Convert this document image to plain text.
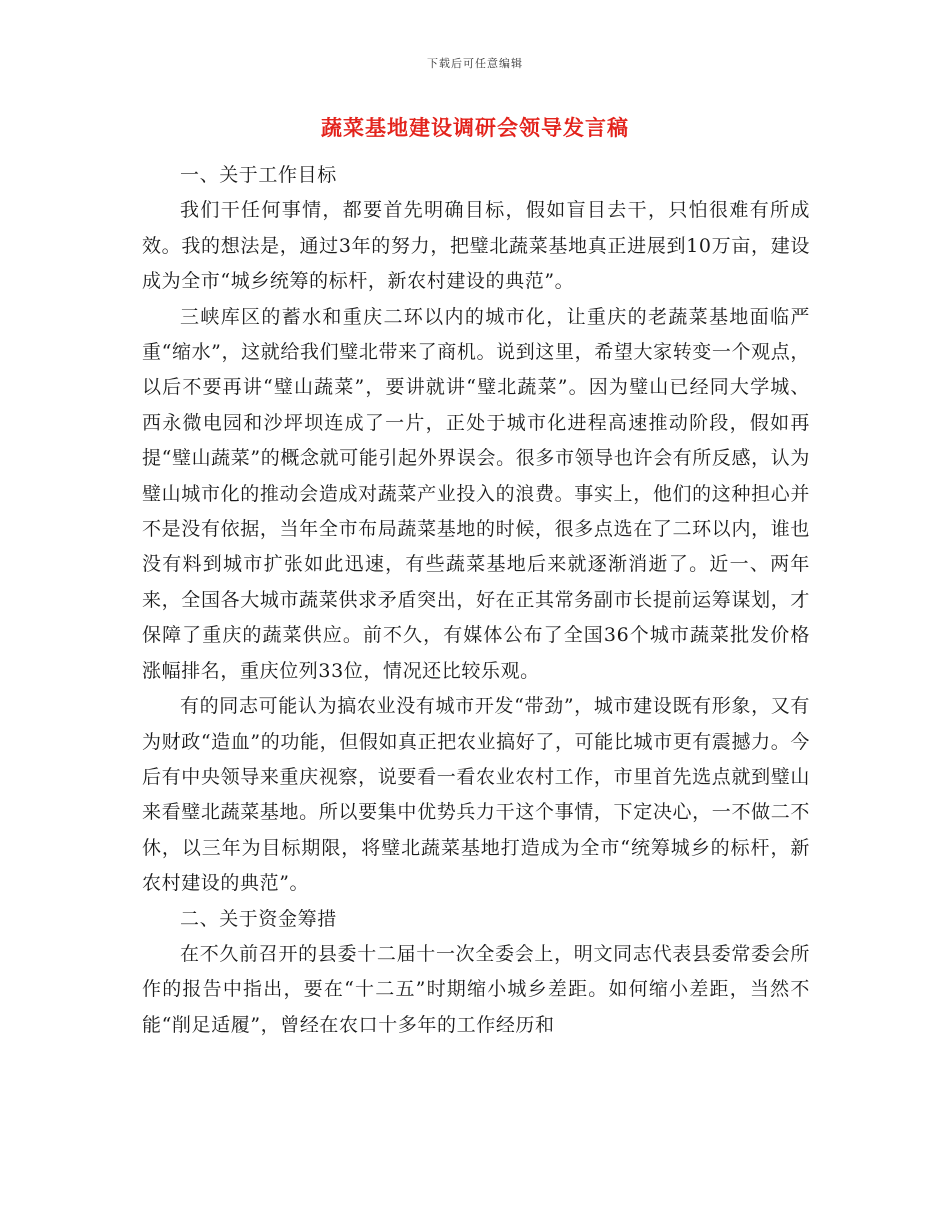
下载后可任意编辑
蔬菜基地建设调研会领导发言稿

一、关于工作目标

我们干任何事情，都要首先明确目标，假如盲目去干，只怕很难有所成效。我的想法是，通过3年的努力，把璧北蔬菜基地真正进展到10万亩，建设成为全市“城乡统筹的标杆，新农村建设的典范”。

三峡库区的蓄水和重庆二环以内的城市化，让重庆的老蔬菜基地面临严重“缩水”，这就给我们璧北带来了商机。说到这里，希望大家转变一个观点，以后不要再讲“璧山蔬菜”，要讲就讲“璧北蔬菜”。因为璧山已经同大学城、西永微电园和沙坪坝连成了一片，正处于城市化进程高速推动阶段，假如再提“璧山蔬菜”的概念就可能引起外界误会。很多市领导也许会有所反感，认为璧山城市化的推动会造成对蔬菜产业投入的浪费。事实上，他们的这种担心并不是没有依据，当年全市布局蔬菜基地的时候，很多点选在了二环以内，谁也没有料到城市扩张如此迅速，有些蔬菜基地后来就逐渐消逝了。近一、两年来，全国各大城市蔬菜供求矛盾突出，好在正其常务副市长提前运筹谋划，才保障了重庆的蔬菜供应。前不久，有媒体公布了全国36个城市蔬菜批发价格涨幅排名，重庆位列33位，情况还比较乐观。

有的同志可能认为搞农业没有城市开发“带劲”，城市建设既有形象，又有为财政“造血”的功能，但假如真正把农业搞好了，可能比城市更有震撼力。今后有中央领导来重庆视察，说要看一看农业农村工作，市里首先选点就到璧山来看璧北蔬菜基地。所以要集中优势兵力干这个事情，下定决心，一不做二不休，以三年为目标期限，将璧北蔬菜基地打造成为全市“统筹城乡的标杆，新农村建设的典范”。

二、关于资金筹措

在不久前召开的县委十二届十一次全委会上，明文同志代表县委常委会所作的报告中指出，要在“十二五”时期缩小城乡差距。如何缩小差距，当然不能“削足适履”，曾经在农口十多年的工作经历和
